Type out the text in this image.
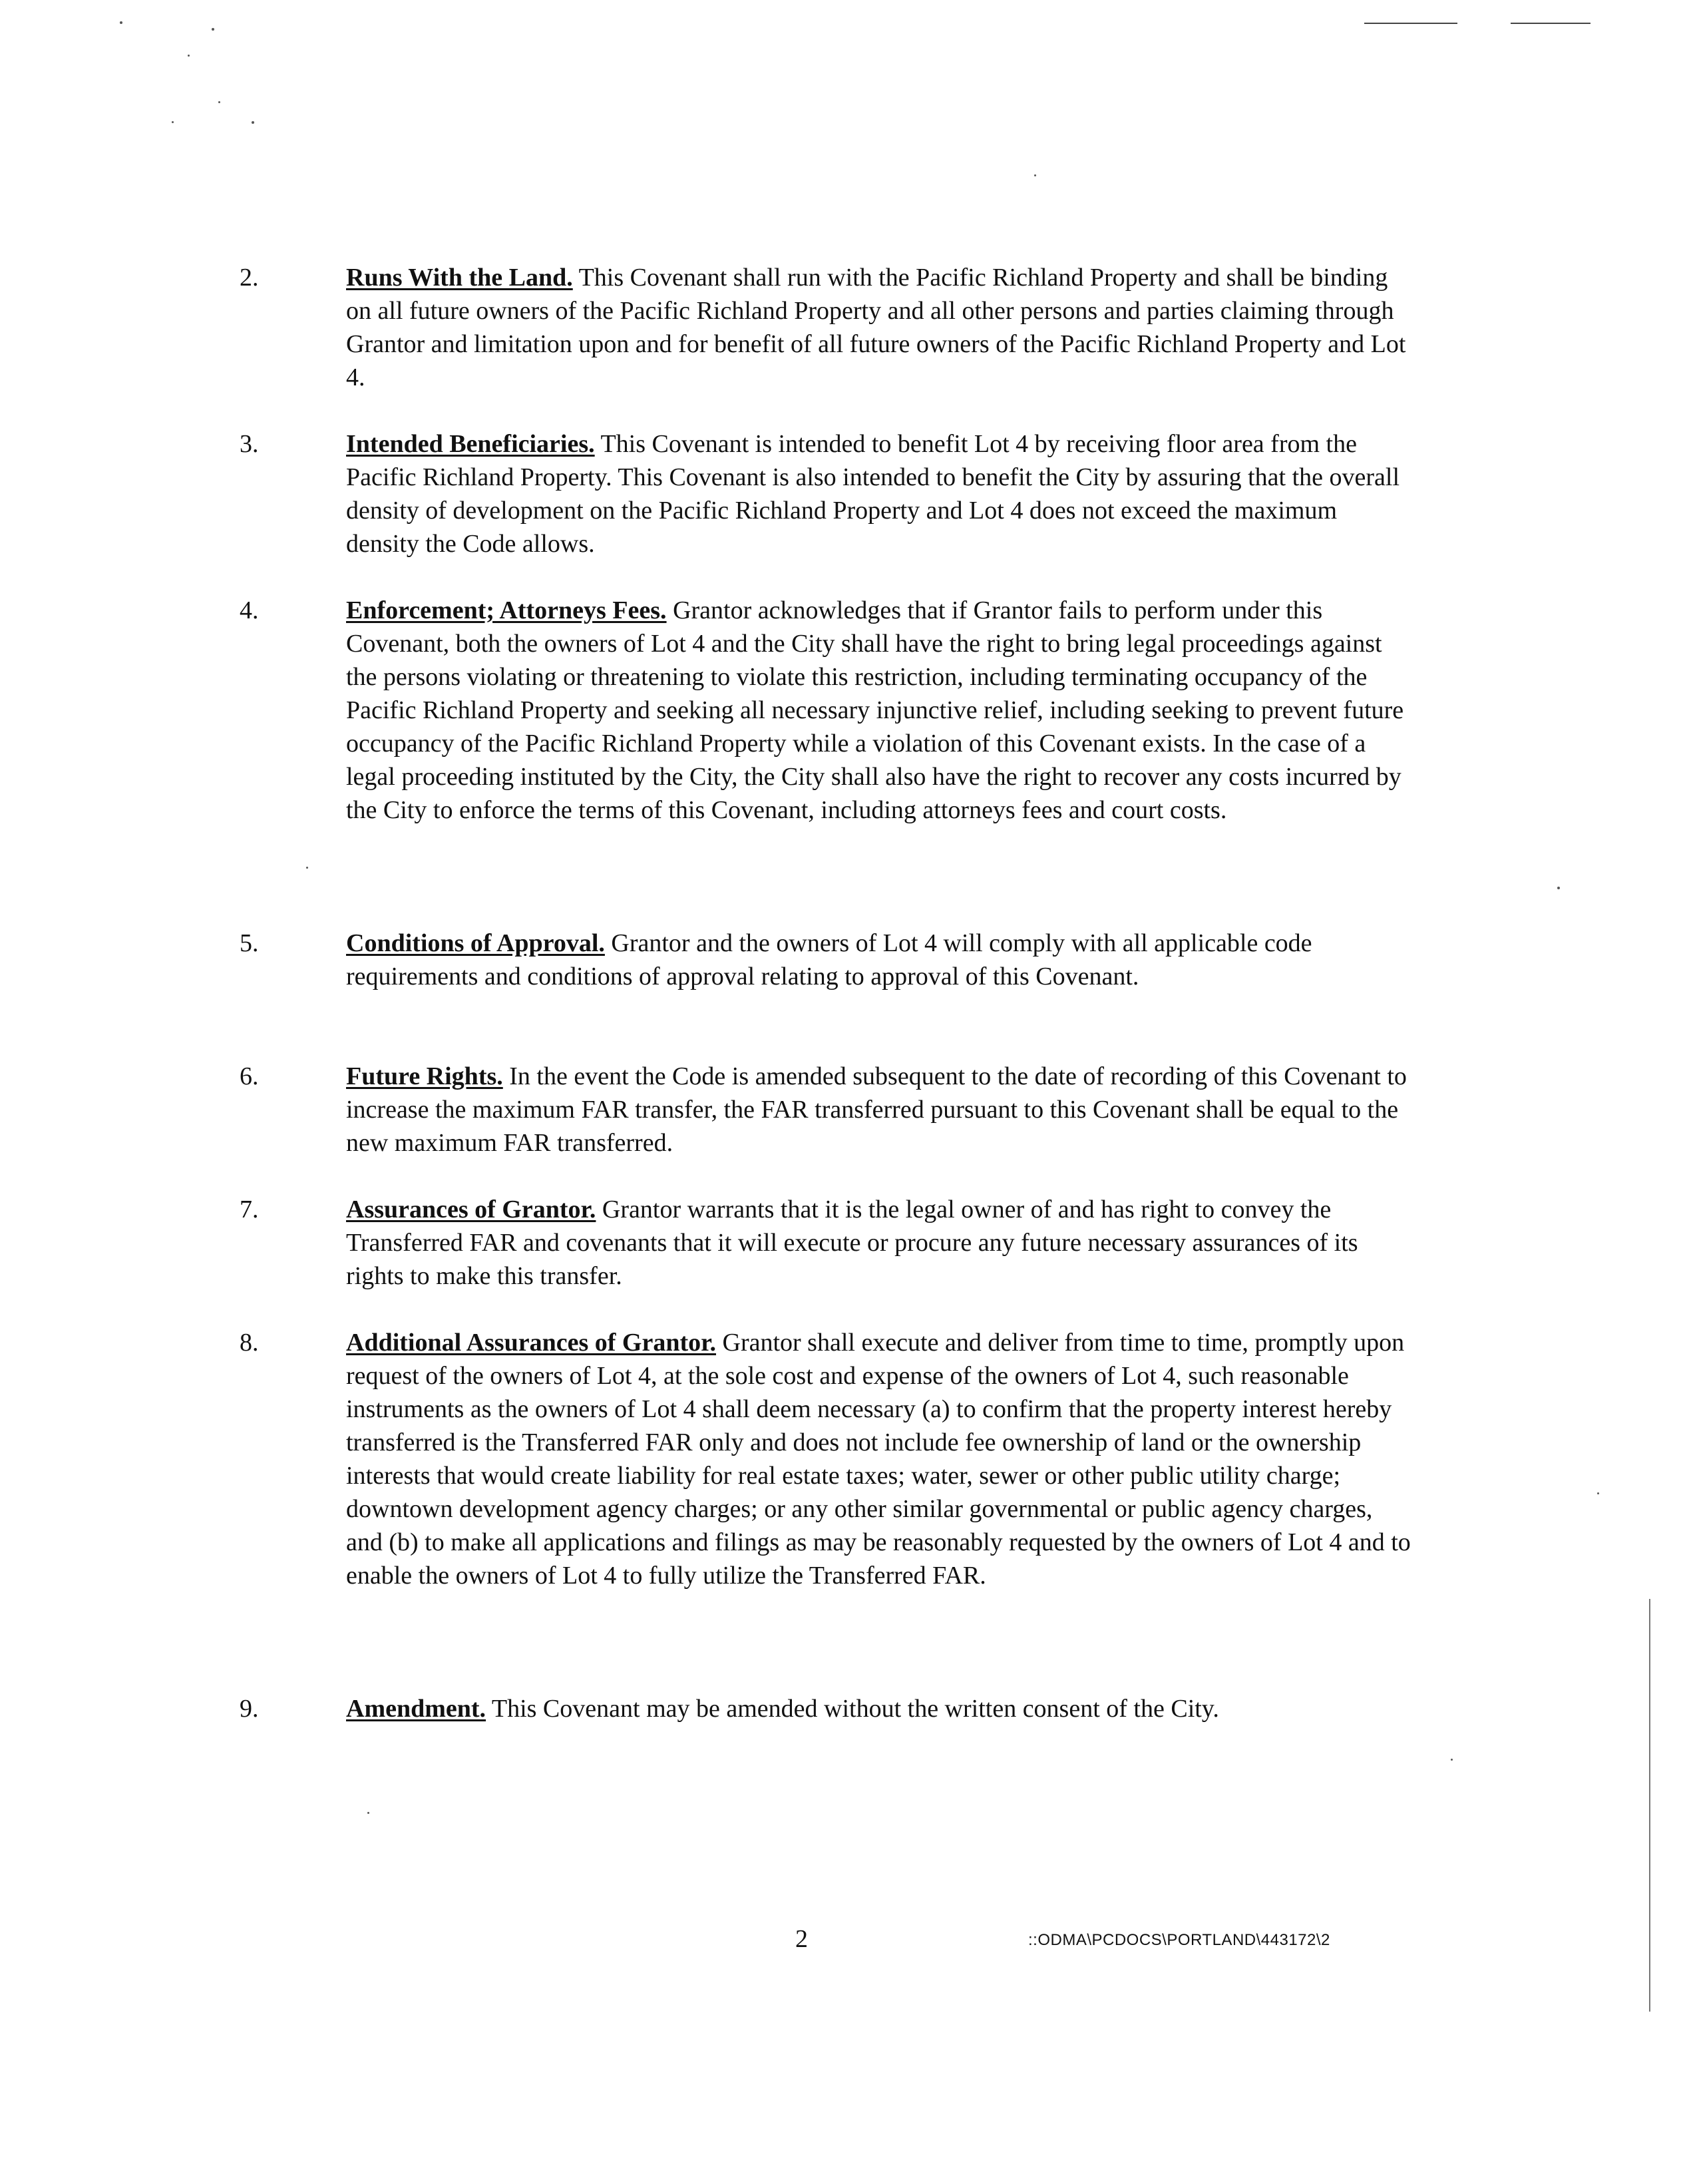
2.	Runs With the Land. This Covenant shall run with the Pacific Richland Property and shall be binding on all future owners of the Pacific Richland Property and all other persons and parties claiming through Grantor and limitation upon and for benefit of all future owners of the Pacific Richland Property and Lot 4.
3.	Intended Beneficiaries. This Covenant is intended to benefit Lot 4 by receiving floor area from the Pacific Richland Property. This Covenant is also intended to benefit the City by assuring that the overall density of development on the Pacific Richland Property and Lot 4 does not exceed the maximum density the Code allows.
4.	Enforcement; Attorneys Fees. Grantor acknowledges that if Grantor fails to perform under this Covenant, both the owners of Lot 4 and the City shall have the right to bring legal proceedings against the persons violating or threatening to violate this restriction, including terminating occupancy of the Pacific Richland Property and seeking all necessary injunctive relief, including seeking to prevent future occupancy of the Pacific Richland Property while a violation of this Covenant exists. In the case of a legal proceeding instituted by the City, the City shall also have the right to recover any costs incurred by the City to enforce the terms of this Covenant, including attorneys fees and court costs.
5.	Conditions of Approval. Grantor and the owners of Lot 4 will comply with all applicable code requirements and conditions of approval relating to approval of this Covenant.
6.	Future Rights. In the event the Code is amended subsequent to the date of recording of this Covenant to increase the maximum FAR transfer, the FAR transferred pursuant to this Covenant shall be equal to the new maximum FAR transferred.
7.	Assurances of Grantor. Grantor warrants that it is the legal owner of and has right to convey the Transferred FAR and covenants that it will execute or procure any future necessary assurances of its rights to make this transfer.
8.	Additional Assurances of Grantor. Grantor shall execute and deliver from time to time, promptly upon request of the owners of Lot 4, at the sole cost and expense of the owners of Lot 4, such reasonable instruments as the owners of Lot 4 shall deem necessary (a) to confirm that the property interest hereby transferred is the Transferred FAR only and does not include fee ownership of land or the ownership interests that would create liability for real estate taxes; water, sewer or other public utility charge; downtown development agency charges; or any other similar governmental or public agency charges, and (b) to make all applications and filings as may be reasonably requested by the owners of Lot 4 and to enable the owners of Lot 4 to fully utilize the Transferred FAR.
9.	Amendment. This Covenant may be amended without the written consent of the City.
2	::ODMA\PCDOCS\PORTLAND\443172\2
